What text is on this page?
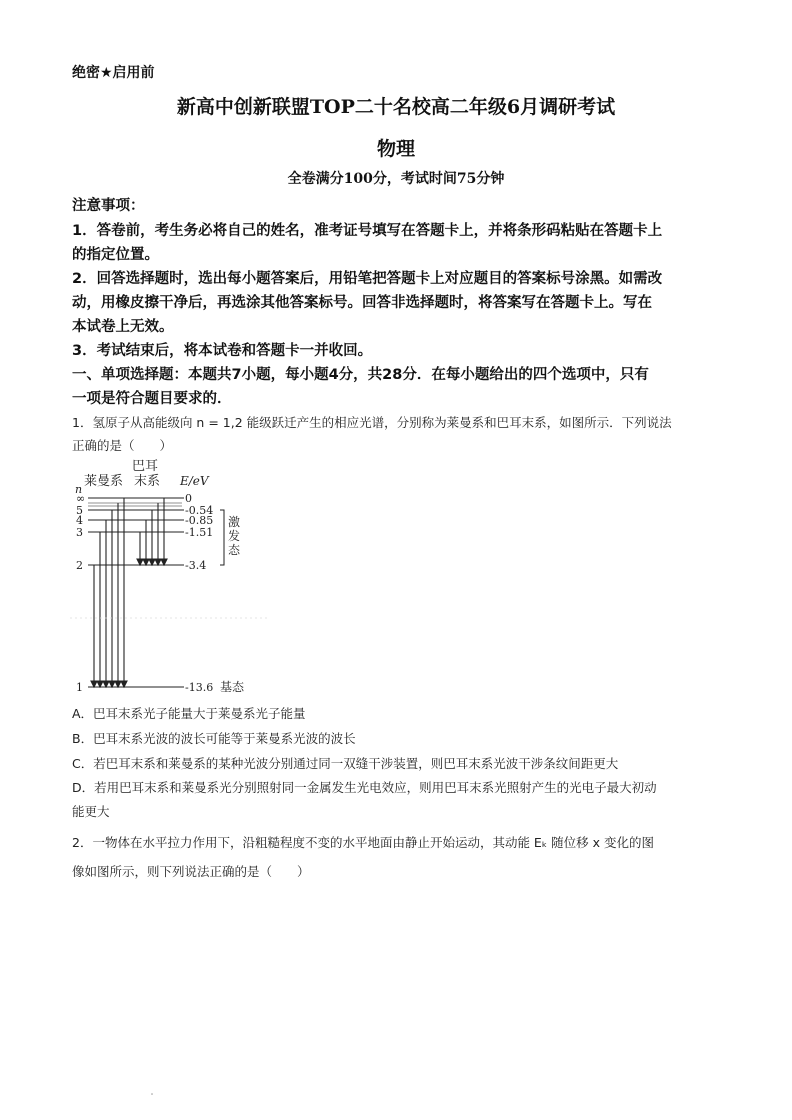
绝密★启用前
新高中创新联盟TOP二十名校高二年级6月调研考试
物理
全卷满分100分，考试时间75分钟
注意事项：
1．答卷前，考生务必将自己的姓名，准考证号填写在答题卡上，并将条形码粘贴在答题卡上
的指定位置。
2．回答选择题时，选出每小题答案后，用铅笔把答题卡上对应题目的答案标号涂黑。如需改
动，用橡皮擦干净后，再选涂其他答案标号。回答非选择题时，将答案写在答题卡上。写在
本试卷上无效。
3．考试结束后，将本试卷和答题卡一并收回。
一、单项选择题：本题共7小题，每小题4分，共28分．在每小题给出的四个选项中，只有
一项是符合题目要求的．
1．氢原子从高能级向 n = 1,2 能级跃迁产生的相应光谱，分别称为莱曼系和巴耳末系，如图所示．下列说法
正确的是（　　）
巴耳
末系
莱曼系	E/eV
n
∞
5
4
3
2
1
0
-0.54
-0.85
-1.51
-3.4
-13.6
激
发
态
基态
A．巴耳末系光子能量大于莱曼系光子能量
B．巴耳末系光波的波长可能等于莱曼系光波的波长
C．若巴耳末系和莱曼系的某种光波分别通过同一双缝干涉装置，则巴耳末系光波干涉条纹间距更大
D．若用巴耳末系和莱曼系光分别照射同一金属发生光电效应，则用巴耳末系光照射产生的光电子最大初动
能更大
2．一物体在水平拉力作用下，沿粗糙程度不变的水平地面由静止开始运动，其动能 Eₖ 随位移 x 变化的图
像如图所示，则下列说法正确的是（　　）
